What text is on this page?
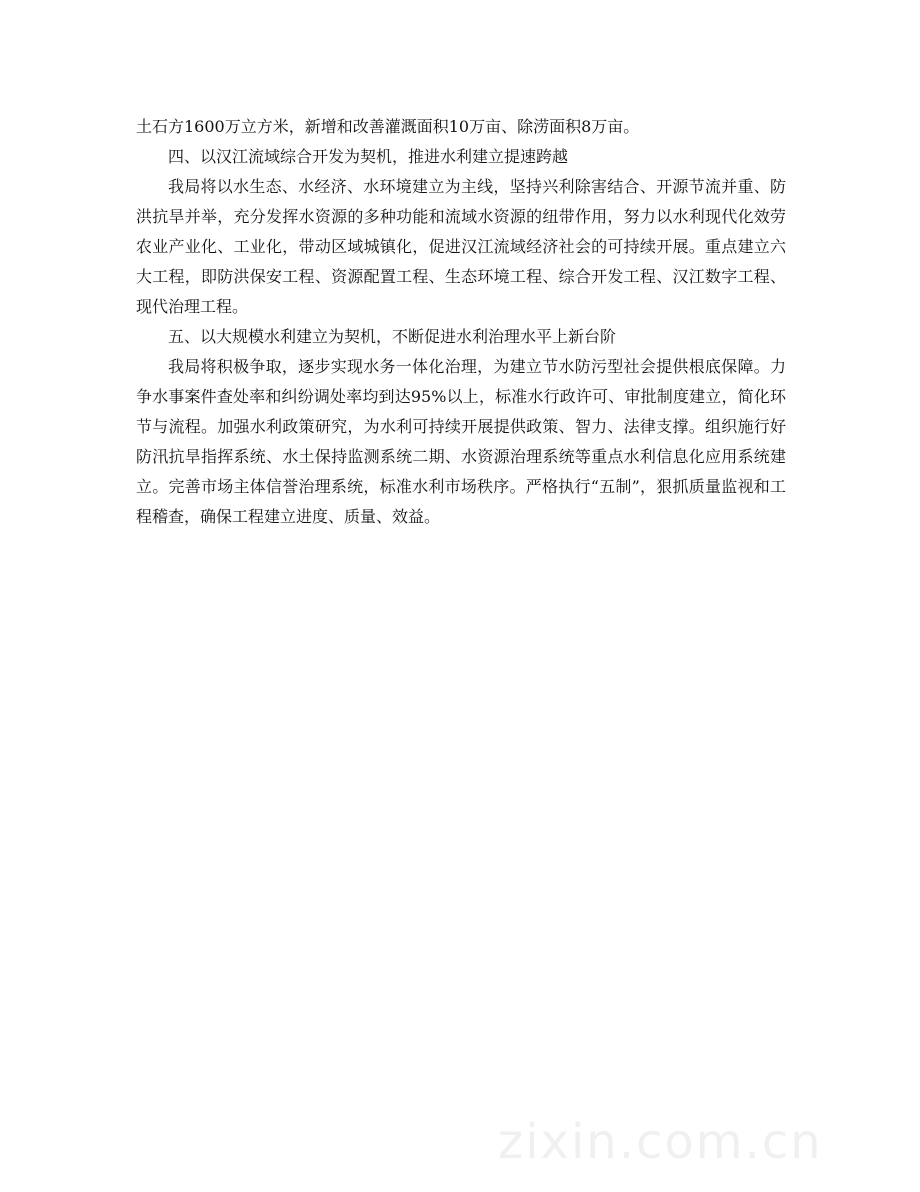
土石方1600万立方米，新增和改善灌溉面积10万亩、除涝面积8万亩。

四、以汉江流域综合开发为契机，推进水利建立提速跨越

我局将以水生态、水经济、水环境建立为主线，坚持兴利除害结合、开源节流并重、防洪抗旱并举，充分发挥水资源的多种功能和流域水资源的纽带作用，努力以水利现代化效劳农业产业化、工业化，带动区域城镇化，促进汉江流域经济社会的可持续开展。重点建立六大工程，即防洪保安工程、资源配置工程、生态环境工程、综合开发工程、汉江数字工程、现代治理工程。

五、以大规模水利建立为契机，不断促进水利治理水平上新台阶

我局将积极争取，逐步实现水务一体化治理，为建立节水防污型社会提供根底保障。力争水事案件查处率和纠纷调处率均到达95%以上，标准水行政许可、审批制度建立，简化环节与流程。加强水利政策研究，为水利可持续开展提供政策、智力、法律支撑。组织施行好防汛抗旱指挥系统、水土保持监测系统二期、水资源治理系统等重点水利信息化应用系统建立。完善市场主体信誉治理系统，标准水利市场秩序。严格执行“五制”，狠抓质量监视和工程稽查，确保工程建立进度、质量、效益。

zixin.com.cn
